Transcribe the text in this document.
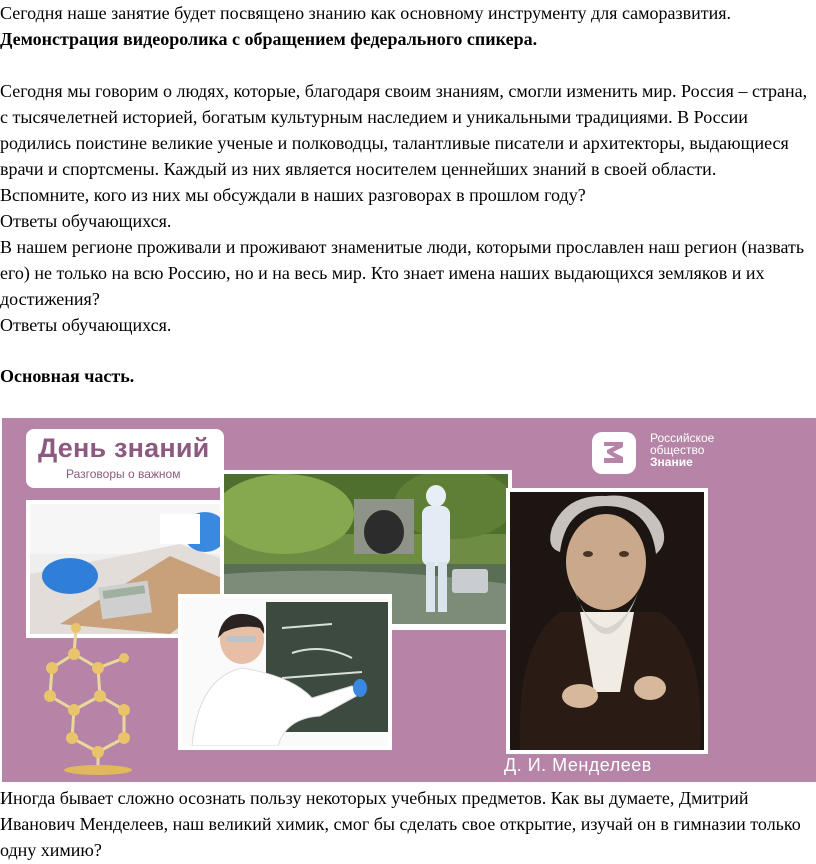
Сегодня наше занятие будет посвящено знанию как основному инструменту для саморазвития.

Демонстрация видеоролика с обращением федерального спикера.

Сегодня мы говорим о людях, которые, благодаря своим знаниям, смогли изменить мир. Россия – страна, с тысячелетней историей, богатым культурным наследием и уникальными традициями. В России родились поистине великие ученые и полководцы, талантливые писатели и архитекторы, выдающиеся врачи и спортсмены. Каждый из них является носителем ценнейших знаний в своей области.

Вспомните, кого из них мы обсуждали в наших разговорах в прошлом году?

Ответы обучающихся.

В нашем регионе проживали и проживают знаменитые люди, которыми прославлен наш регион (назвать его) не только на всю Россию, но и на весь мир. Кто знает имена наших выдающихся земляков и их достижения?

Ответы обучающихся.

Основная часть.

День знаний
Разговоры о важном
Российское
общество
Знание
Д. И. Менделеев

Иногда бывает сложно осознать пользу некоторых учебных предметов. Как вы думаете, Дмитрий Иванович Менделеев, наш великий химик, смог бы сделать свое открытие, изучай он в гимназии только одну химию?
